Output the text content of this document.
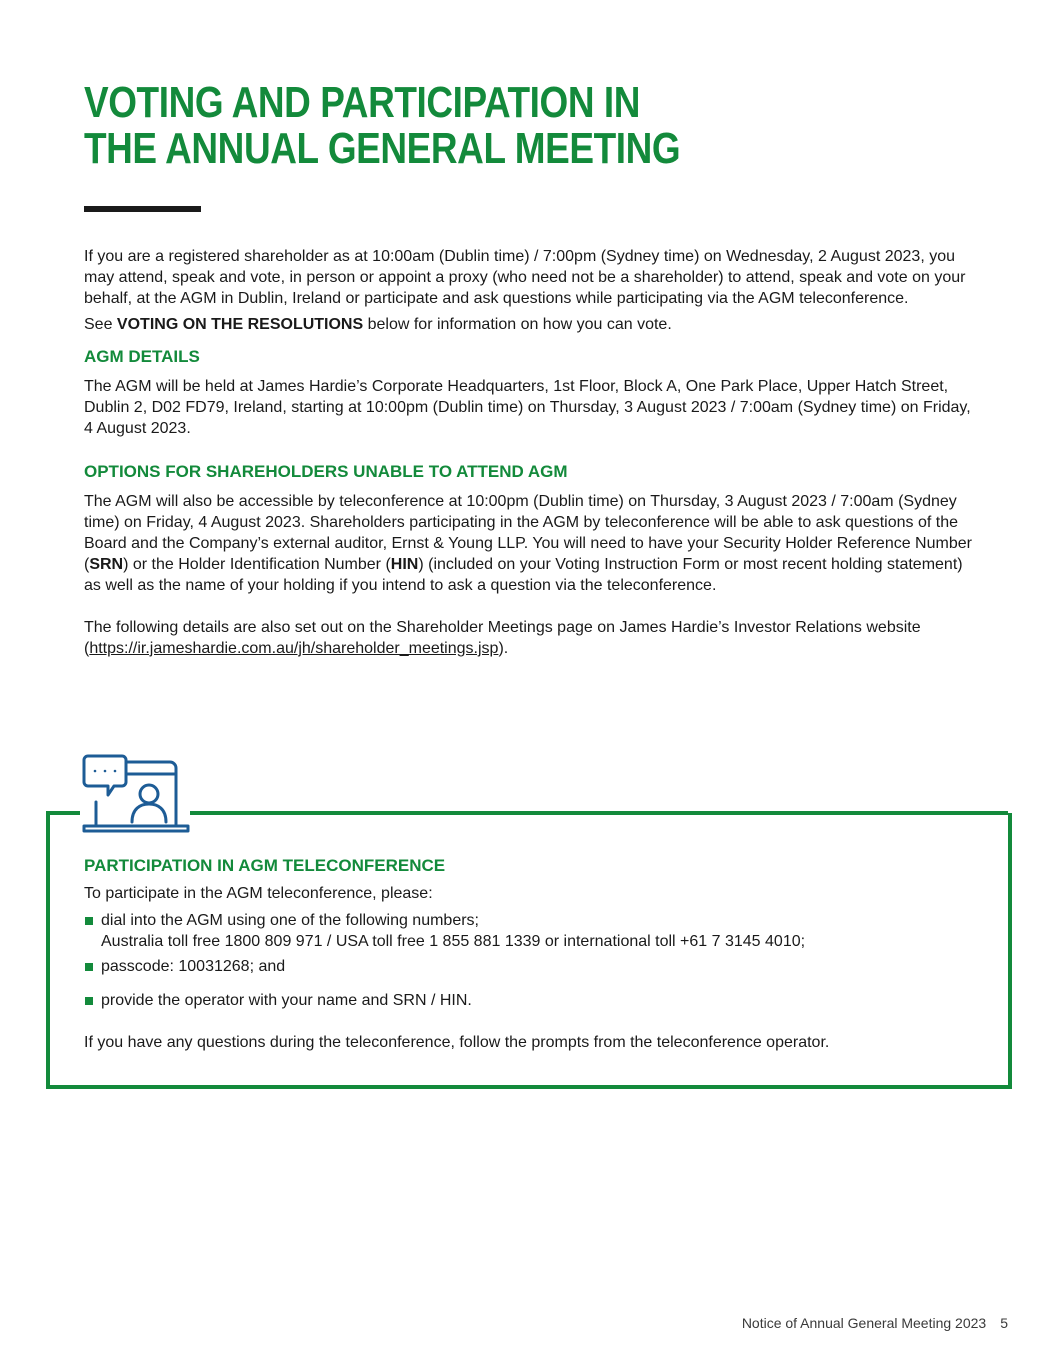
VOTING AND PARTICIPATION IN
THE ANNUAL GENERAL MEETING

If you are a registered shareholder as at 10:00am (Dublin time) / 7:00pm (Sydney time) on Wednesday, 2 August 2023, you may attend, speak and vote, in person or appoint a proxy (who need not be a shareholder) to attend, speak and vote on your behalf, at the AGM in Dublin, Ireland or participate and ask questions while participating via the AGM teleconference.

See VOTING ON THE RESOLUTIONS below for information on how you can vote.

AGM DETAILS

The AGM will be held at James Hardie’s Corporate Headquarters, 1st Floor, Block A, One Park Place, Upper Hatch Street, Dublin 2, D02 FD79, Ireland, starting at 10:00pm (Dublin time) on Thursday, 3 August 2023 / 7:00am (Sydney time) on Friday, 4 August 2023.

OPTIONS FOR SHAREHOLDERS UNABLE TO ATTEND AGM

The AGM will also be accessible by teleconference at 10:00pm (Dublin time) on Thursday, 3 August 2023 / 7:00am (Sydney time) on Friday, 4 August 2023. Shareholders participating in the AGM by teleconference will be able to ask questions of the Board and the Company’s external auditor, Ernst & Young LLP. You will need to have your Security Holder Reference Number (SRN) or the Holder Identification Number (HIN) (included on your Voting Instruction Form or most recent holding statement) as well as the name of your holding if you intend to ask a question via the teleconference.

The following details are also set out on the Shareholder Meetings page on James Hardie’s Investor Relations website (https://ir.jameshardie.com.au/jh/shareholder_meetings.jsp).

PARTICIPATION IN AGM TELECONFERENCE

To participate in the AGM teleconference, please:

dial into the AGM using one of the following numbers;
Australia toll free 1800 809 971 / USA toll free 1 855 881 1339 or international toll +61 7 3145 4010;
passcode: 10031268; and
provide the operator with your name and SRN / HIN.

If you have any questions during the teleconference, follow the prompts from the teleconference operator.

Notice of Annual General Meeting 2023 5
